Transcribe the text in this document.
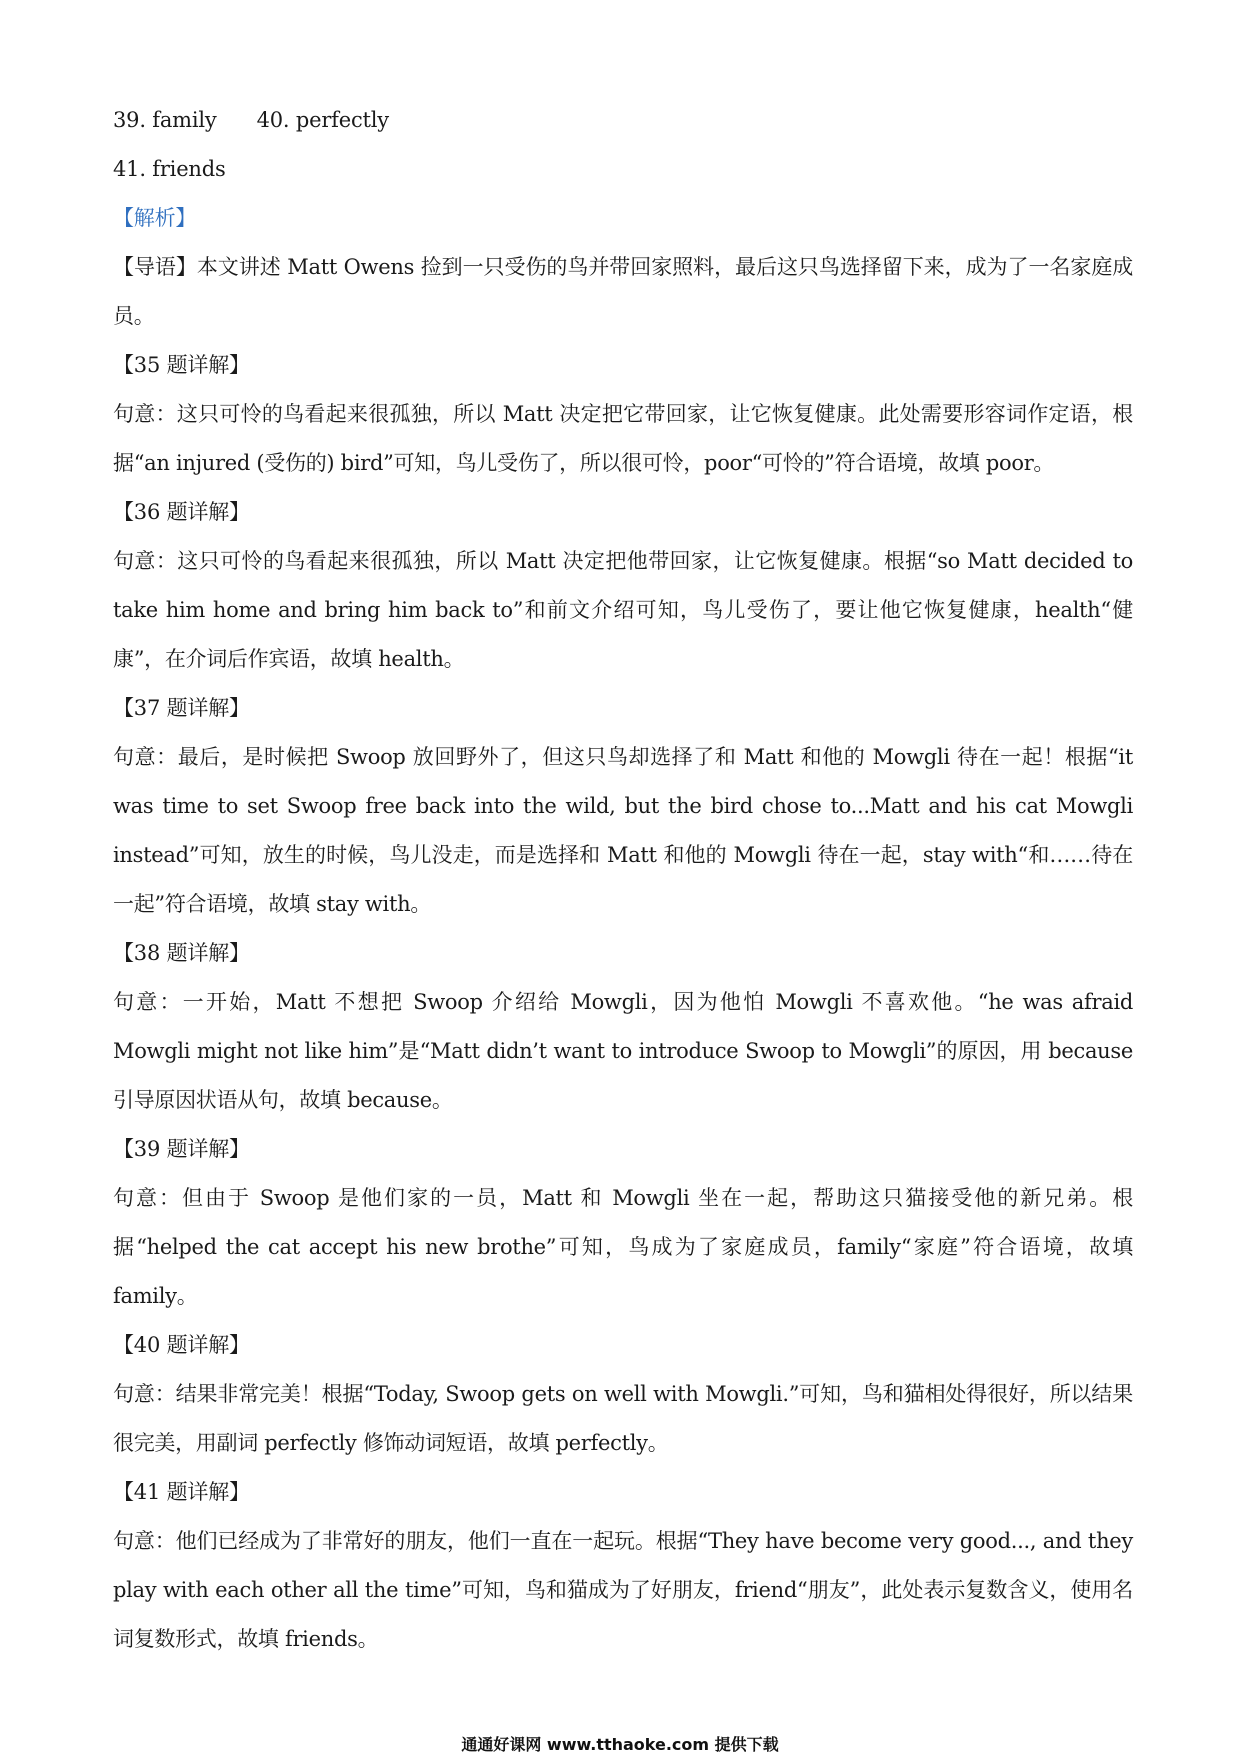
39. family 40. perfectly
41. friends
【解析】

【导语】本文讲述 Matt Owens 捡到一只受伤的鸟并带回家照料，最后这只鸟选择留下来，成为了一名家庭成员。

【35 题详解】

句意：这只可怜的鸟看起来很孤独，所以 Matt 决定把它带回家，让它恢复健康。此处需要形容词作定语，根据“an injured (受伤的) bird”可知，鸟儿受伤了，所以很可怜，poor“可怜的”符合语境，故填 poor。

【36 题详解】

句意：这只可怜的鸟看起来很孤独，所以 Matt 决定把他带回家，让它恢复健康。根据“so Matt decided to take him home and bring him back to”和前文介绍可知，鸟儿受伤了，要让他它恢复健康，health“健康”，在介词后作宾语，故填 health。

【37 题详解】

句意：最后，是时候把 Swoop 放回野外了，但这只鸟却选择了和 Matt 和他的 Mowgli 待在一起！根据“it was time to set Swoop free back into the wild, but the bird chose to...Matt and his cat Mowgli instead”可知，放生的时候，鸟儿没走，而是选择和 Matt 和他的 Mowgli 待在一起，stay with“和……待在一起”符合语境，故填 stay with。

【38 题详解】

句意：一开始，Matt 不想把 Swoop 介绍给 Mowgli，因为他怕 Mowgli 不喜欢他。“he was afraid Mowgli might not like him”是“Matt didn’t want to introduce Swoop to Mowgli”的原因，用 because 引导原因状语从句，故填 because。

【39 题详解】

句意：但由于 Swoop 是他们家的一员，Matt 和 Mowgli 坐在一起，帮助这只猫接受他的新兄弟。根据“helped the cat accept his new brothe”可知，鸟成为了家庭成员，family“家庭”符合语境，故填 family。

【40 题详解】

句意：结果非常完美！根据“Today, Swoop gets on well with Mowgli.”可知，鸟和猫相处得很好，所以结果很完美，用副词 perfectly 修饰动词短语，故填 perfectly。

【41 题详解】

句意：他们已经成为了非常好的朋友，他们一直在一起玩。根据“They have become very good..., and they play with each other all the time”可知，鸟和猫成为了好朋友，friend“朋友”，此处表示复数含义，使用名词复数形式，故填 friends。

通通好课网 www.tthaoke.com 提供下载
